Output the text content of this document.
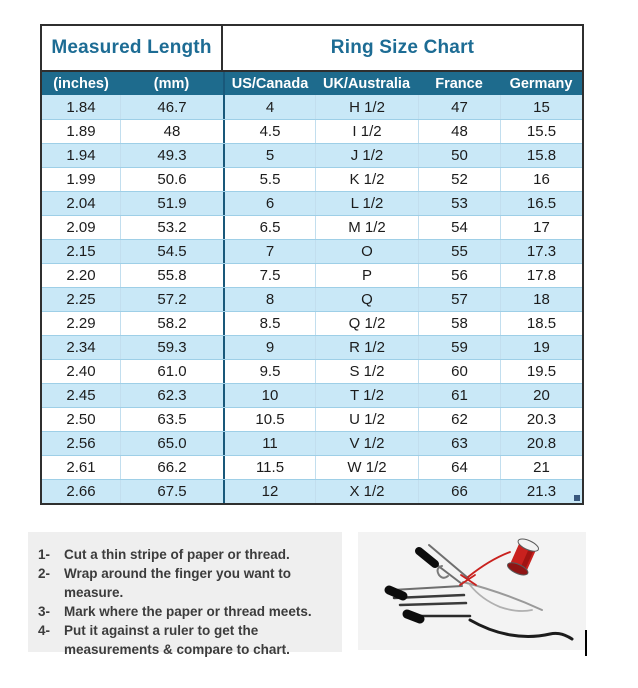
Measured Length	Ring Size Chart
(inches)	(mm)	US/Canada	UK/Australia	France	Germany
1.84	46.7	4	H 1/2	47	15
1.89	48	4.5	I 1/2	48	15.5
1.94	49.3	5	J 1/2	50	15.8
1.99	50.6	5.5	K 1/2	52	16
2.04	51.9	6	L 1/2	53	16.5
2.09	53.2	6.5	M 1/2	54	17
2.15	54.5	7	O	55	17.3
2.20	55.8	7.5	P	56	17.8
2.25	57.2	8	Q	57	18
2.29	58.2	8.5	Q 1/2	58	18.5
2.34	59.3	9	R 1/2	59	19
2.40	61.0	9.5	S 1/2	60	19.5
2.45	62.3	10	T 1/2	61	20
2.50	63.5	10.5	U 1/2	62	20.3
2.56	65.0	11	V 1/2	63	20.8
2.61	66.2	11.5	W 1/2	64	21
2.66	67.5	12	X 1/2	66	21.3
1-	Cut a thin stripe of paper or thread.
2-	Wrap around the finger you want to measure.
3-	Mark where the paper or thread meets.
4-	Put it against a ruler to get the measurements & compare to chart.
